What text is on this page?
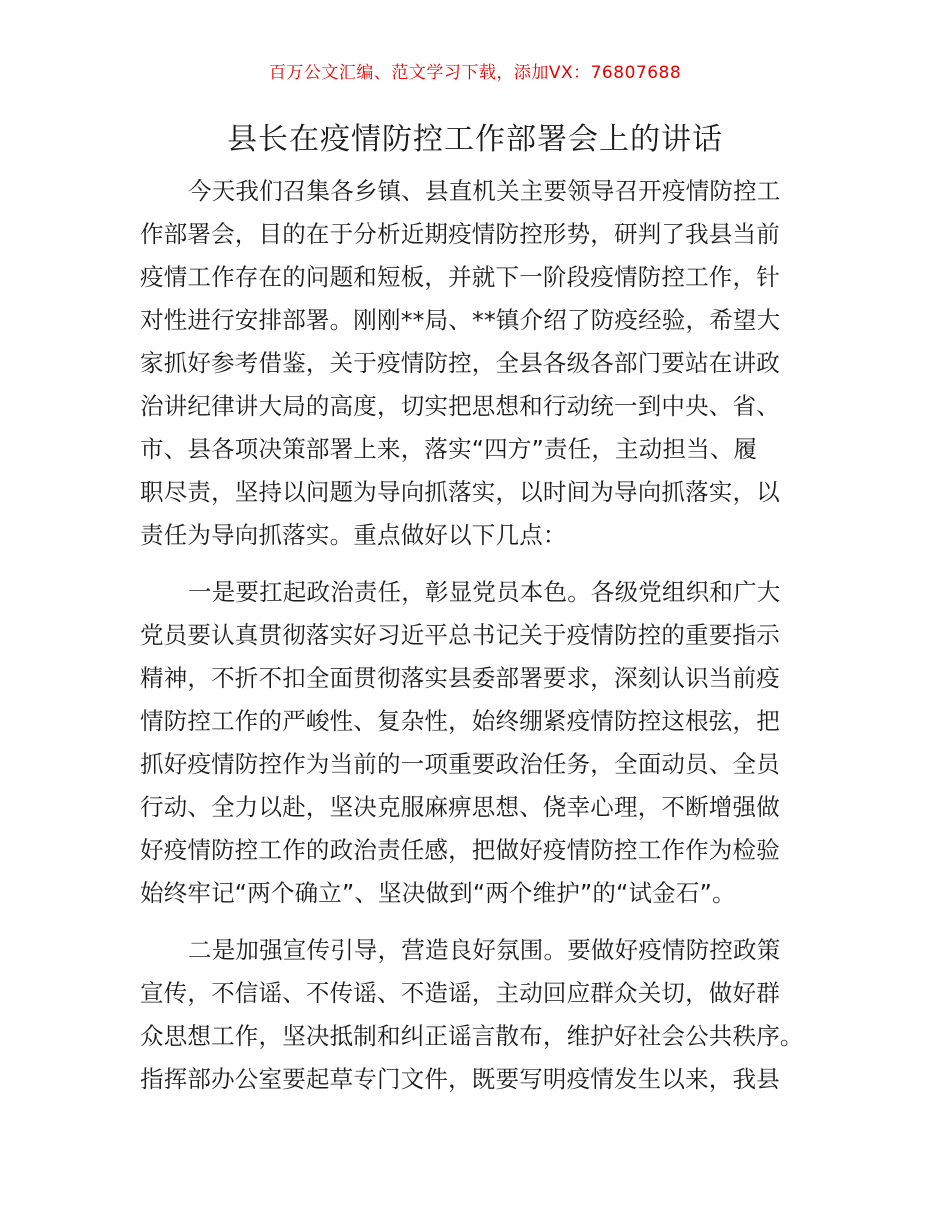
百万公文汇编、范文学习下载，添加VX：76807688
县长在疫情防控工作部署会上的讲话

今天我们召集各乡镇、县直机关主要领导召开疫情防控工
作部署会，目的在于分析近期疫情防控形势，研判了我县当前
疫情工作存在的问题和短板，并就下一阶段疫情防控工作，针
对性进行安排部署。刚刚**局、**镇介绍了防疫经验，希望大
家抓好参考借鉴，关于疫情防控，全县各级各部门要站在讲政
治讲纪律讲大局的高度，切实把思想和行动统一到中央、省、
市、县各项决策部署上来，落实“四方”责任，主动担当、履
职尽责，坚持以问题为导向抓落实，以时间为导向抓落实，以
责任为导向抓落实。重点做好以下几点：

一是要扛起政治责任，彰显党员本色。各级党组织和广大
党员要认真贯彻落实好习近平总书记关于疫情防控的重要指示
精神，不折不扣全面贯彻落实县委部署要求，深刻认识当前疫
情防控工作的严峻性、复杂性，始终绷紧疫情防控这根弦，把
抓好疫情防控作为当前的一项重要政治任务，全面动员、全员
行动、全力以赴，坚决克服麻痹思想、侥幸心理，不断增强做
好疫情防控工作的政治责任感，把做好疫情防控工作作为检验
始终牢记“两个确立”、坚决做到“两个维护”的“试金石”。

二是加强宣传引导，营造良好氛围。要做好疫情防控政策
宣传，不信谣、不传谣、不造谣，主动回应群众关切，做好群
众思想工作，坚决抵制和纠正谣言散布，维护好社会公共秩序。
指挥部办公室要起草专门文件，既要写明疫情发生以来，我县
